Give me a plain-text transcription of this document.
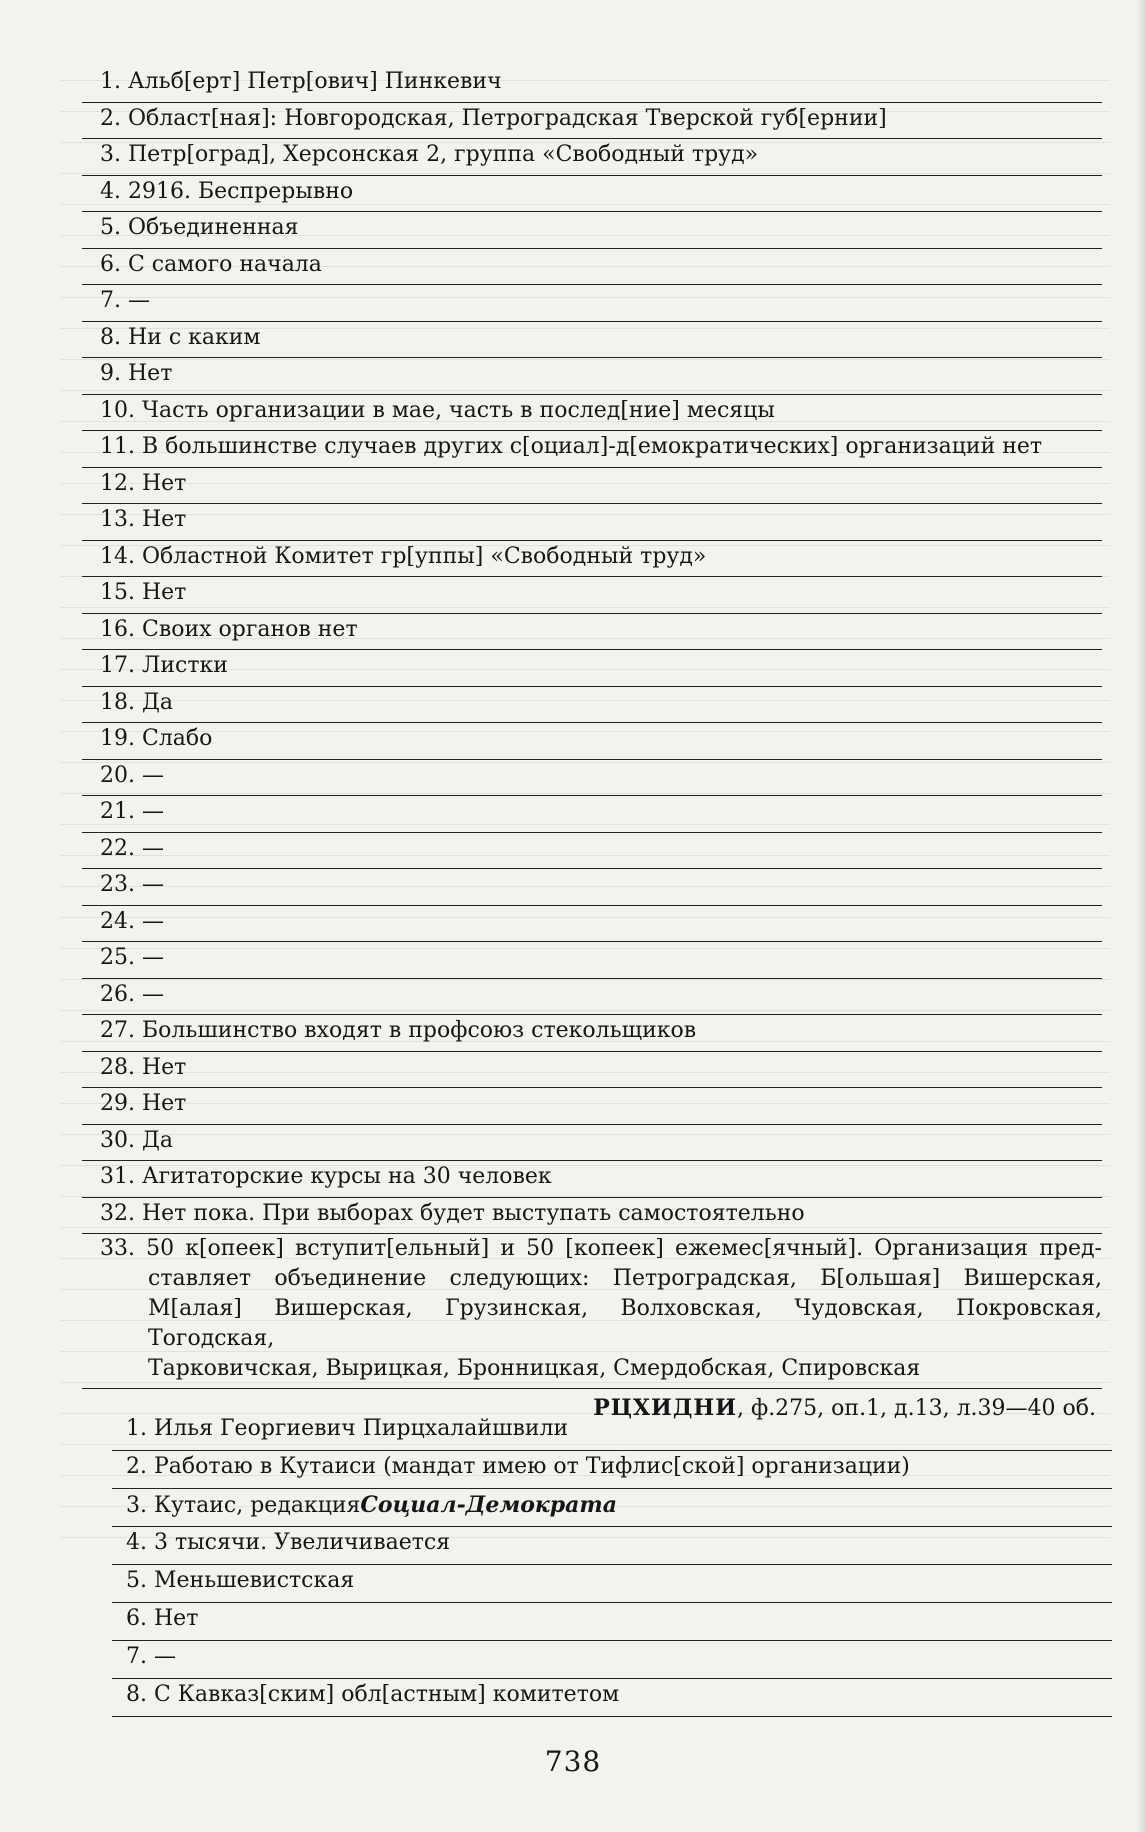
1. Альб[ерт] Петр[ович] Пинкевич
2. Област[ная]: Новгородская, Петроградская Тверской губ[ернии]
3. Петр[оград], Херсонская 2, группа «Свободный труд»
4. 2916. Беспрерывно
5. Объединенная
6. С самого начала
7. —
8. Ни с каким
9. Нет
10. Часть организации в мае, часть в послед[ние] месяцы
11. В большинстве случаев других с[оциал]-д[емократических] организаций нет
12. Нет
13. Нет
14. Областной Комитет гр[уппы] «Свободный труд»
15. Нет
16. Своих органов нет
17. Листки
18. Да
19. Слабо
20. —
21. —
22. —
23. —
24. —
25. —
26. —
27. Большинство входят в профсоюз стекольщиков
28. Нет
29. Нет
30. Да
31. Агитаторские курсы на 30 человек
32. Нет пока. При выборах будет выступать самостоятельно
33. 50 к[опеек] вступит[ельный] и 50 [копеек] ежемес[ячный]. Организация пред-
ставляет объединение следующих: Петроградская, Б[ольшая] Вишерская,
М[алая] Вишерская, Грузинская, Волховская, Чудовская, Покровская, Тогодская,
Тарковичская, Вырицкая, Бронницкая, Смердобская, Спировская
РЦХИДНИ, ф.275, оп.1, д.13, л.39—40 об.
1. Илья Георгиевич Пирцхалайшвили
2. Работаю в Кутаиси (мандат имею от Тифлис[ской] организации)
3. Кутаис, редакцияСоциал-Демократа
4. 3 тысячи. Увеличивается
5. Меньшевистская
6. Нет
7. —
8. С Кавказ[ским] обл[астным] комитетом
738
